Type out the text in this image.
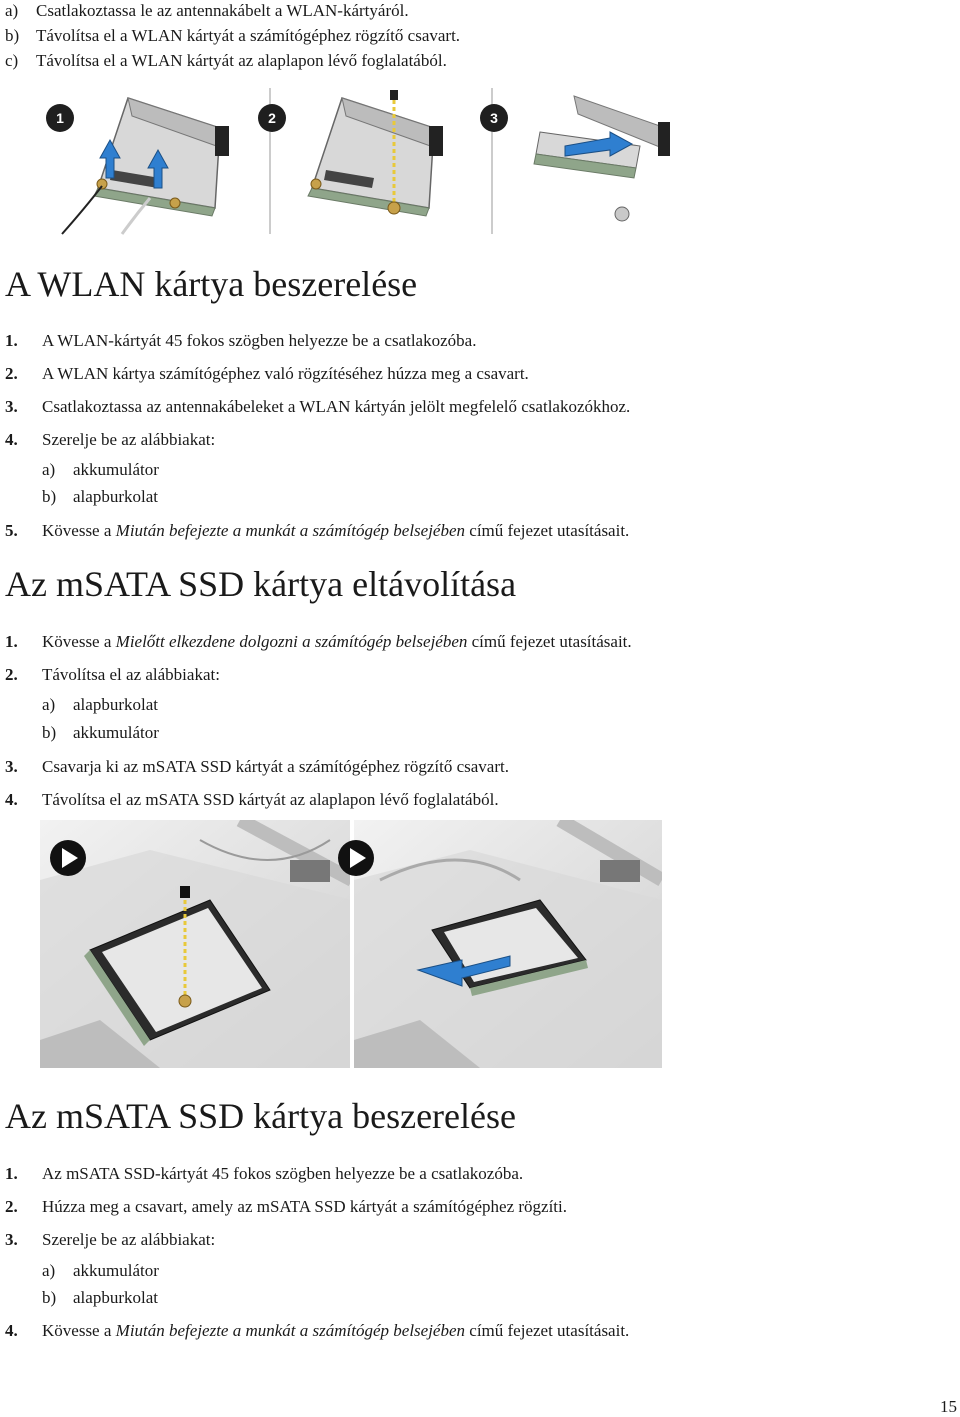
a) Csatlakoztassa le az antennakábelt a WLAN-kártyáról.
b) Távolítsa el a WLAN kártyát a számítógéphez rögzítő csavart.
c) Távolítsa el a WLAN kártyát az alaplapon lévő foglalatából.
1	2	3
A WLAN kártya beszerelése
1. A WLAN-kártyát 45 fokos szögben helyezze be a csatlakozóba.
2. A WLAN kártya számítógéphez való rögzítéséhez húzza meg a csavart.
3. Csatlakoztassa az antennakábeleket a WLAN kártyán jelölt megfelelő csatlakozókhoz.
4. Szerelje be az alábbiakat:
a) akkumulátor
b) alapburkolat
5. Kövesse a Miután befejezte a munkát a számítógép belsejében című fejezet utasításait.
Az mSATA SSD kártya eltávolítása
1. Kövesse a Mielőtt elkezdene dolgozni a számítógép belsejében című fejezet utasításait.
2. Távolítsa el az alábbiakat:
a) alapburkolat
b) akkumulátor
3. Csavarja ki az mSATA SSD kártyát a számítógéphez rögzítő csavart.
4. Távolítsa el az mSATA SSD kártyát az alaplapon lévő foglalatából.
Az mSATA SSD kártya beszerelése
1. Az mSATA SSD-kártyát 45 fokos szögben helyezze be a csatlakozóba.
2. Húzza meg a csavart, amely az mSATA SSD kártyát a számítógéphez rögzíti.
3. Szerelje be az alábbiakat:
a) akkumulátor
b) alapburkolat
4. Kövesse a Miután befejezte a munkát a számítógép belsejében című fejezet utasításait.
15
